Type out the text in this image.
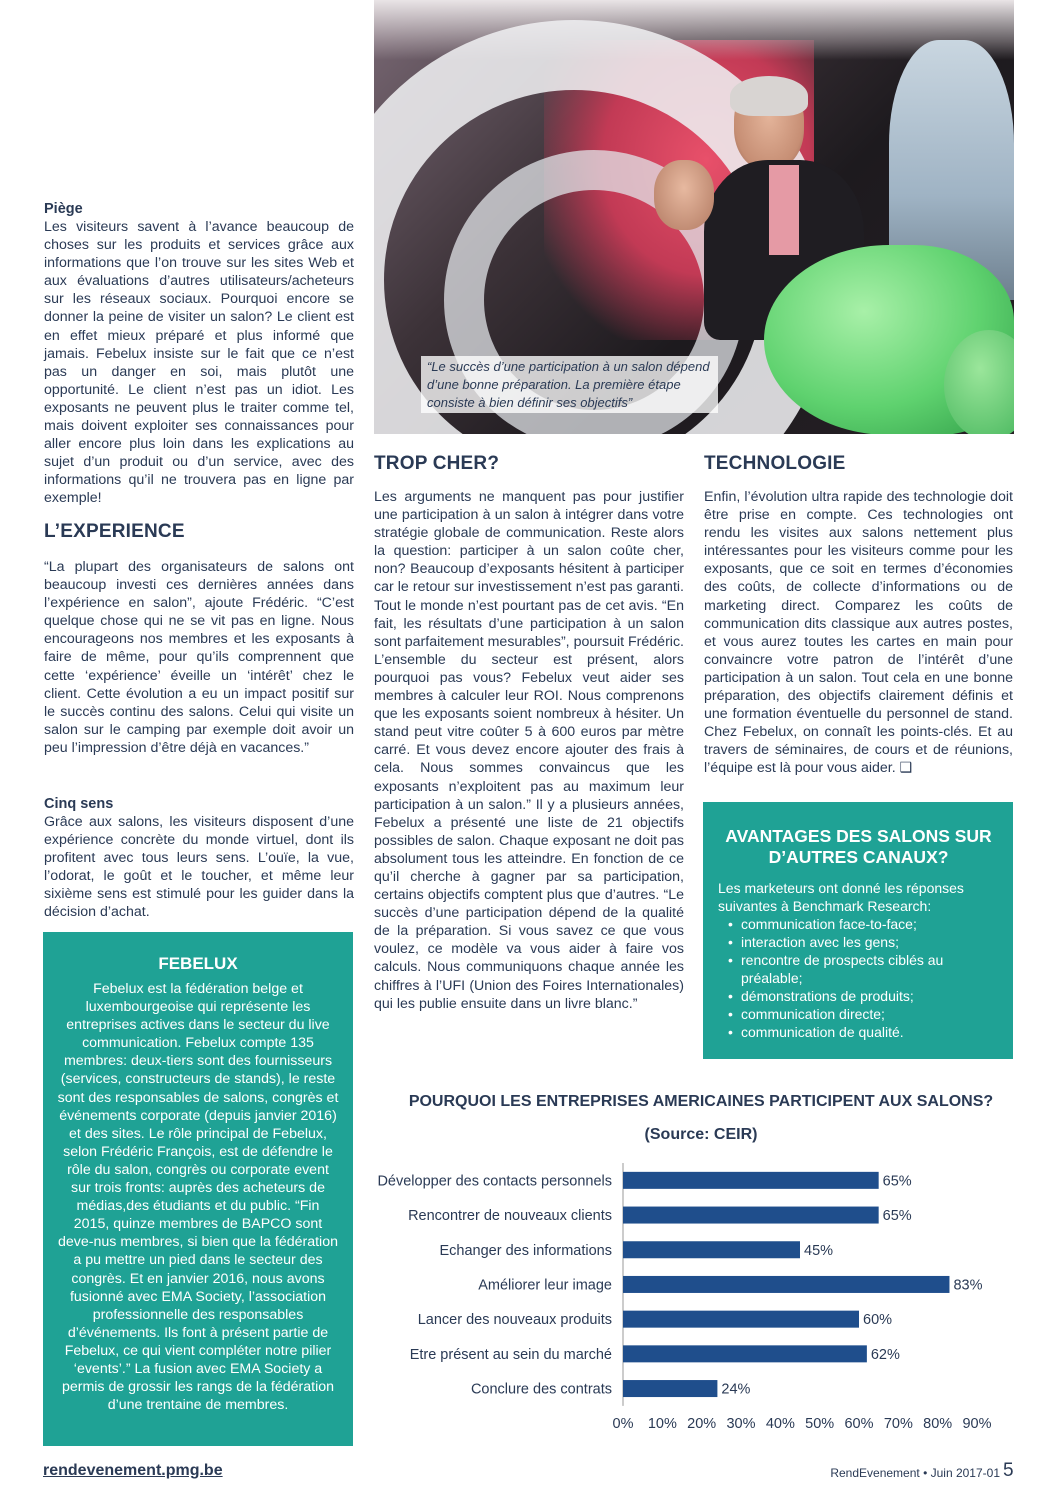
“Le succès d’une participation à un salon dépend d’une bonne préparation. La première étape consiste à bien définir ses objectifs”
Piège

Les visiteurs savent à l’avance beaucoup de choses sur les produits et services grâce aux informations que l’on trouve sur les sites Web et aux évaluations d’autres utilisateurs/acheteurs sur les réseaux sociaux. Pourquoi encore se donner la peine de visiter un salon? Le client est en effet mieux préparé et plus informé que jamais. Febelux insiste sur le fait que ce n’est pas un danger en soi, mais plutôt une opportunité. Le client n’est pas un idiot. Les exposants ne peuvent plus le traiter comme tel, mais doivent exploiter ses connaissances pour aller encore plus loin dans les explications au sujet d’un produit ou d’un service, avec des informations qu’il ne trouvera pas en ligne par exemple!

L’EXPERIENCE

“La plupart des organisateurs de salons ont beaucoup investi ces dernières années dans l’expérience en salon”, ajoute Frédéric. “C’est quelque chose qui ne se vit pas en ligne. Nous encourageons nos membres et les exposants à faire de même, pour qu’ils comprennent que cette ‘expérience’ éveille un ‘intérêt’ chez le client. Cette évolution a eu un impact positif sur le succès continu des salons. Celui qui visite un salon sur le camping par exemple doit avoir un peu l’impression d’être déjà en vacances.”

Cinq sens

Grâce aux salons, les visiteurs disposent d’une expérience concrète du monde virtuel, dont ils profitent avec tous leurs sens. L’ouïe, la vue, l’odorat, le goût et le toucher, et même leur sixième sens est stimulé pour les guider dans la décision d’achat.

FEBELUX

Febelux est la fédération belge et luxembourgeoise qui représente les entreprises actives dans le secteur du live communication. Febelux compte 135 membres: deux-tiers sont des fournisseurs (services, constructeurs de stands), le reste sont des responsables de salons, congrès et événements corporate (depuis janvier 2016) et des sites. Le rôle principal de Febelux, selon Frédéric François, est de défendre le rôle du salon, congrès ou corporate event sur trois fronts: auprès des acheteurs de médias,des étudiants et du public. “Fin 2015, quinze membres de BAPCO sont deve-nus membres, si bien que la fédération a pu mettre un pied dans le secteur des congrès. Et en janvier 2016, nous avons fusionné avec EMA Society, l’association professionnelle des responsables d’événements. Ils font à présent partie de Febelux, ce qui vient compléter notre pilier ‘events’.” La fusion avec EMA Society a permis de grossir les rangs de la fédération d’une trentaine de membres.

TROP CHER?

Les arguments ne manquent pas pour justifier une participation à un salon à intégrer dans votre stratégie globale de communication. Reste alors la question: participer à un salon coûte cher, non? Beaucoup d’exposants hésitent à participer car le retour sur investissement n’est pas garanti. Tout le monde n’est pourtant pas de cet avis. “En fait, les résultats d’une participation à un salon sont parfaitement mesurables”, poursuit Frédéric. L’ensemble du secteur est présent, alors pourquoi pas vous? Febelux veut aider ses membres à calculer leur ROI. Nous comprenons que les exposants soient nombreux à hésiter. Un stand peut vitre coûter 5 à 600 euros par mètre carré. Et vous devez encore ajouter des frais à cela. Nous sommes convaincus que les exposants n’exploitent pas au maximum leur participation à un salon.” Il y a plusieurs années, Febelux a présenté une liste de 21 objectifs possibles de salon. Chaque exposant ne doit pas absolument tous les atteindre. En fonction de ce qu’il cherche à gagner par sa participation, certains objectifs comptent plus que d’autres. “Le succès d’une participation dépend de la qualité de la préparation. Si vous savez ce que vous voulez, ce modèle va vous aider à faire vos calculs. Nous communiquons chaque année les chiffres à l’UFI (Union des Foires Internationales) qui les publie ensuite dans un livre blanc.”

TECHNOLOGIE

Enfin, l’évolution ultra rapide des technologie doit être prise en compte. Ces technologies ont rendu les visites aux salons nettement plus intéressantes pour les visiteurs comme pour les exposants, que ce soit en termes d’économies des coûts, de collecte d’informations ou de marketing direct. Comparez les coûts de communication dits classique aux autres postes, et vous aurez toutes les cartes en main pour convaincre votre patron de l’intérêt d’une participation à un salon. Tout cela en une bonne préparation, des objectifs clairement définis et une formation éventuelle du personnel de stand. Chez Febelux, on connaît les points-clés. Et au travers de séminaires, de cours et de réunions, l’équipe est là pour vous aider. ❑

AVANTAGES DES SALONS SUR D’AUTRES CANAUX?

Les marketeurs ont donné les réponses suivantes à Benchmark Research:

• communication face-to-face;
• interaction avec les gens;
• rencontre de prospects ciblés au préalable;
• démonstrations de produits;
• communication directe;
• communication de qualité.
POURQUOI LES ENTREPRISES AMERICAINES PARTICIPENT AUX SALONS?
(Source: CEIR)
Développer des contacts personnels	65%
Rencontrer de nouveaux clients	65%
Echanger des informations	45%
Améliorer leur image	83%
Lancer des nouveaux produits	60%
Etre présent au sein du marché	62%
Conclure des contrats	24%
0% 10% 20% 30% 40% 50% 60% 70% 80% 90%
rendevenement.pmg.be	RendEvenement • Juin 2017-01 5
